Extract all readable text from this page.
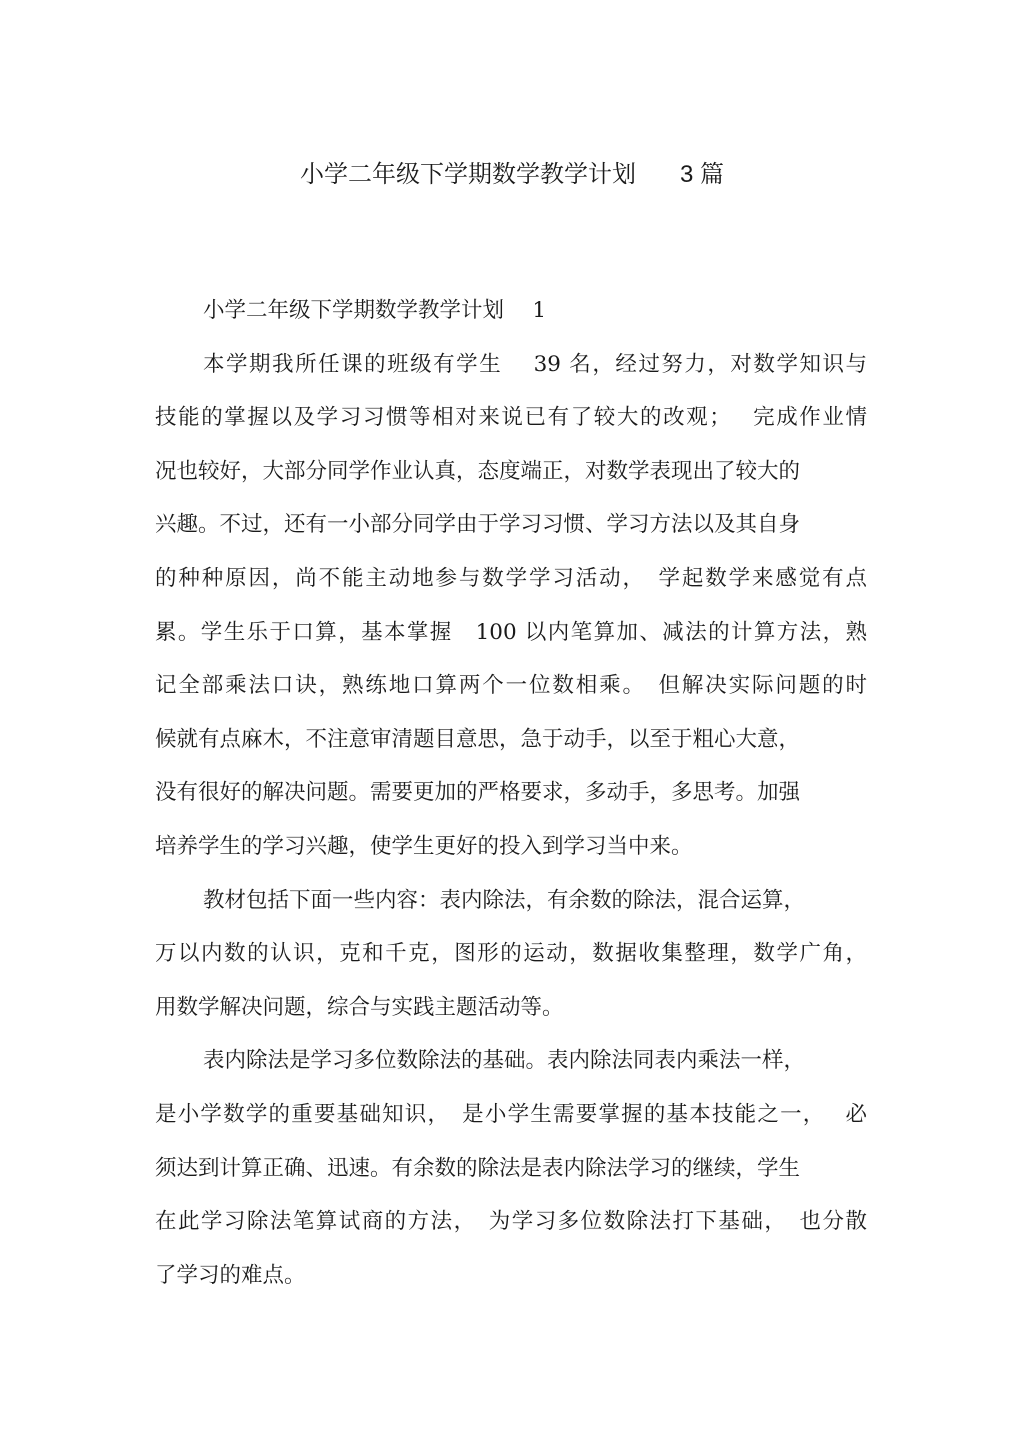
小学二年级下学期数学教学计划 3 篇
小学二年级下学期数学教学计划　 1
本学期我所任课的班级有学生　 39 名，经过努力，对数学知识与
技能的掌握以及学习习惯等相对来说已有了较大的改观；　 完成作业情
况也较好，大部分同学作业认真，态度端正，对数学表现出了较大的
兴趣。不过，还有一小部分同学由于学习习惯、学习方法以及其自身
的种种原因，尚不能主动地参与数学学习活动，　学起数学来感觉有点
累。学生乐于口算，基本掌握　100 以内笔算加、减法的计算方法，熟
记全部乘法口诀，熟练地口算两个一位数相乘。　但解决实际问题的时
候就有点麻木，不注意审清题目意思，急于动手，以至于粗心大意，
没有很好的解决问题。需要更加的严格要求，多动手，多思考。加强
培养学生的学习兴趣，使学生更好的投入到学习当中来。
教材包括下面一些内容：表内除法，有余数的除法，混合运算，
万以内数的认识，克和千克，图形的运动，数据收集整理，数学广角，
用数学解决问题，综合与实践主题活动等。
表内除法是学习多位数除法的基础。表内除法同表内乘法一样，
是小学数学的重要基础知识，　是小学生需要掌握的基本技能之一，　 必
须达到计算正确、迅速。有余数的除法是表内除法学习的继续，学生
在此学习除法笔算试商的方法，　为学习多位数除法打下基础，　也分散
了学习的难点。
